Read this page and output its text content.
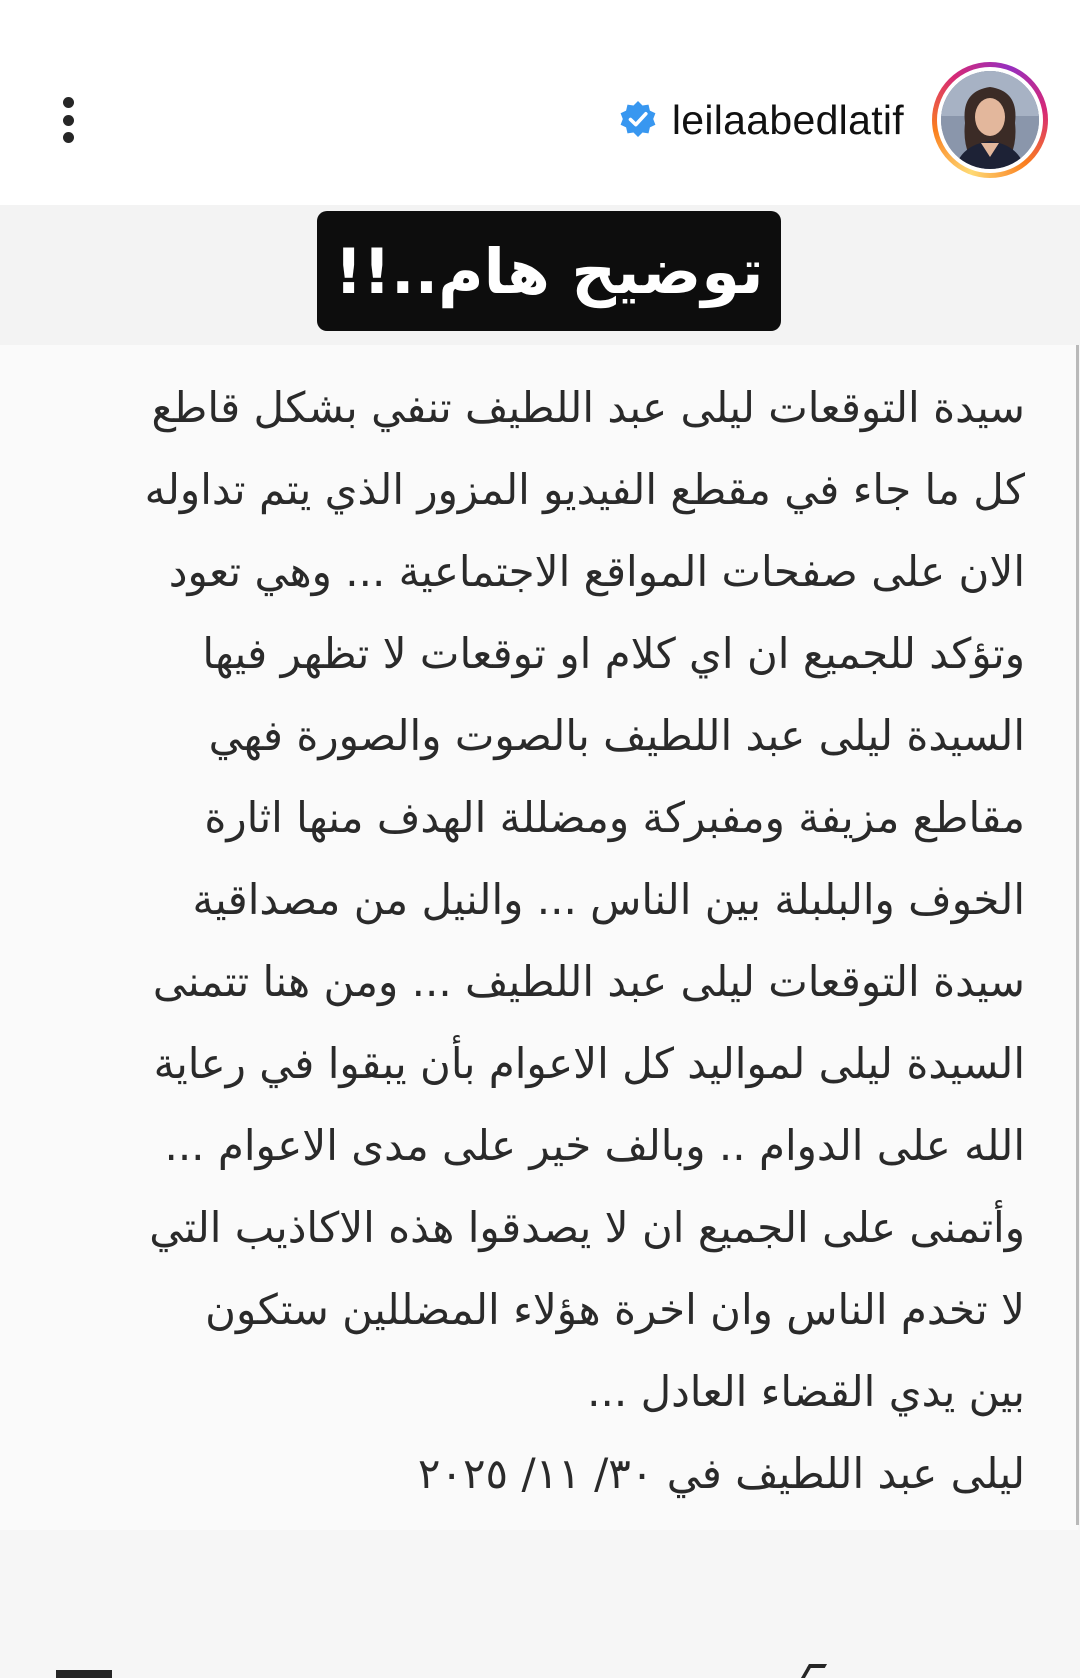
leilaabedlatif
توضيح هام..!!
سيدة التوقعات ليلى عبد اللطيف تنفي بشكل قاطع
كل ما جاء في مقطع الفيديو المزور الذي يتم تداوله
الان على صفحات المواقع الاجتماعية ... وهي تعود
وتؤكد للجميع ان اي كلام او توقعات لا تظهر فيها
السيدة ليلى عبد اللطيف بالصوت والصورة فهي
مقاطع مزيفة ومفبركة ومضللة الهدف منها اثارة
الخوف والبلبلة بين الناس ... والنيل من مصداقية
سيدة التوقعات ليلى عبد اللطيف ... ومن هنا تتمنى
السيدة ليلى لمواليد كل الاعوام بأن يبقوا في رعاية
الله على الدوام .. وبالف خير على مدى الاعوام ...
وأتمنى على الجميع ان لا يصدقوا هذه الاكاذيب التي
لا تخدم الناس وان اخرة هؤلاء المضللين ستكون
بين يدي القضاء العادل ...
ليلى عبد اللطيف في ٣٠/ ١١/ ٢٠٢٥
